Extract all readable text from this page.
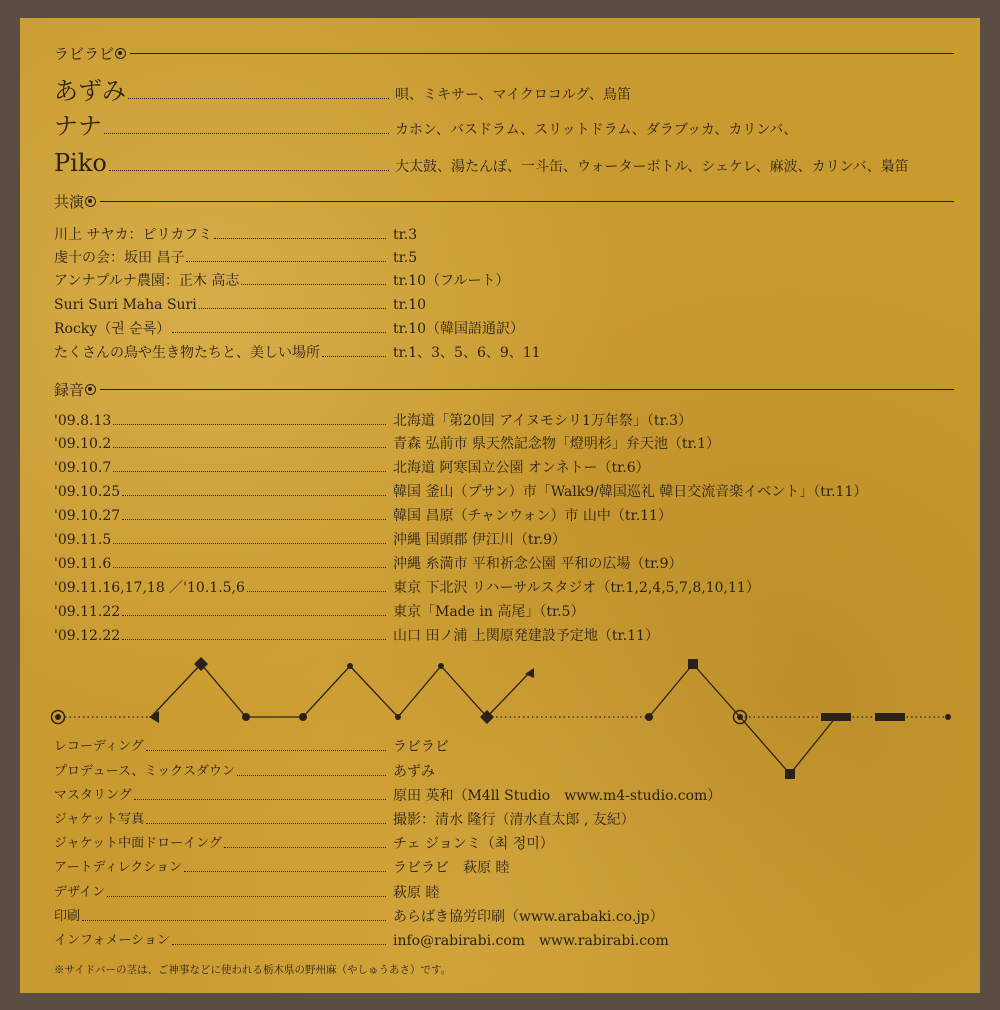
ラビラビ
あずみ	唄、ミキサー、マイクロコルグ、鳥笛
ナナ	カホン、バスドラム、スリットドラム、ダラブッカ、カリンバ、
Piko	大太鼓、湯たんぽ、一斗缶、ウォーターボトル、シェケレ、麻波、カリンバ、梟笛
共演
川上 サヤカ：ピリカフミ	tr.3
虔十の会：坂田 昌子	tr.5
アンナプルナ農園：正木 高志	tr.10（フルート）
Suri Suri Maha Suri	tr.10
Rocky（권 순록）	tr.10（韓国語通訳）
たくさんの鳥や生き物たちと、美しい場所	tr.1、3、5、6、9、11
録音
'09.8.13	北海道「第20回 アイヌモシリ1万年祭」（tr.3）
'09.10.2	青森 弘前市 県天然記念物「燈明杉」弁天池（tr.1）
'09.10.7	北海道 阿寒国立公園 オンネトー（tr.6）
'09.10.25	韓国 釜山（プサン）市「Walk9/韓国巡礼 韓日交流音楽イベント」（tr.11）
'09.10.27	韓国 昌原（チャンウォン）市 山中（tr.11）
'09.11.5	沖縄 国頭郡 伊江川（tr.9）
'09.11.6	沖縄 糸満市 平和祈念公園 平和の広場（tr.9）
'09.11.16,17,18 ／'10.1.5,6	東京 下北沢 リハーサルスタジオ（tr.1,2,4,5,7,8,10,11）
'09.11.22	東京「Made in 高尾」（tr.5）
'09.12.22	山口 田ノ浦 上関原発建設予定地（tr.11）
レコーディング	ラビラビ
プロデュース、ミックスダウン	あずみ
マスタリング	原田 英和（M4ll Studio　www.m4-studio.com）
ジャケット写真	撮影：清水 隆行（清水直太郎 , 友紀）
ジャケット中面ドローイング	チェ ジョンミ（최 정미）
アートディレクション	ラビラビ　萩原 睦
デザイン	萩原 睦
印刷	あらばき協労印刷（www.arabaki.co.jp）
インフォメーション	info@rabirabi.com　www.rabirabi.com
※サイドバーの茎は、ご神事などに使われる栃木県の野州麻（やしゅうあさ）です。
